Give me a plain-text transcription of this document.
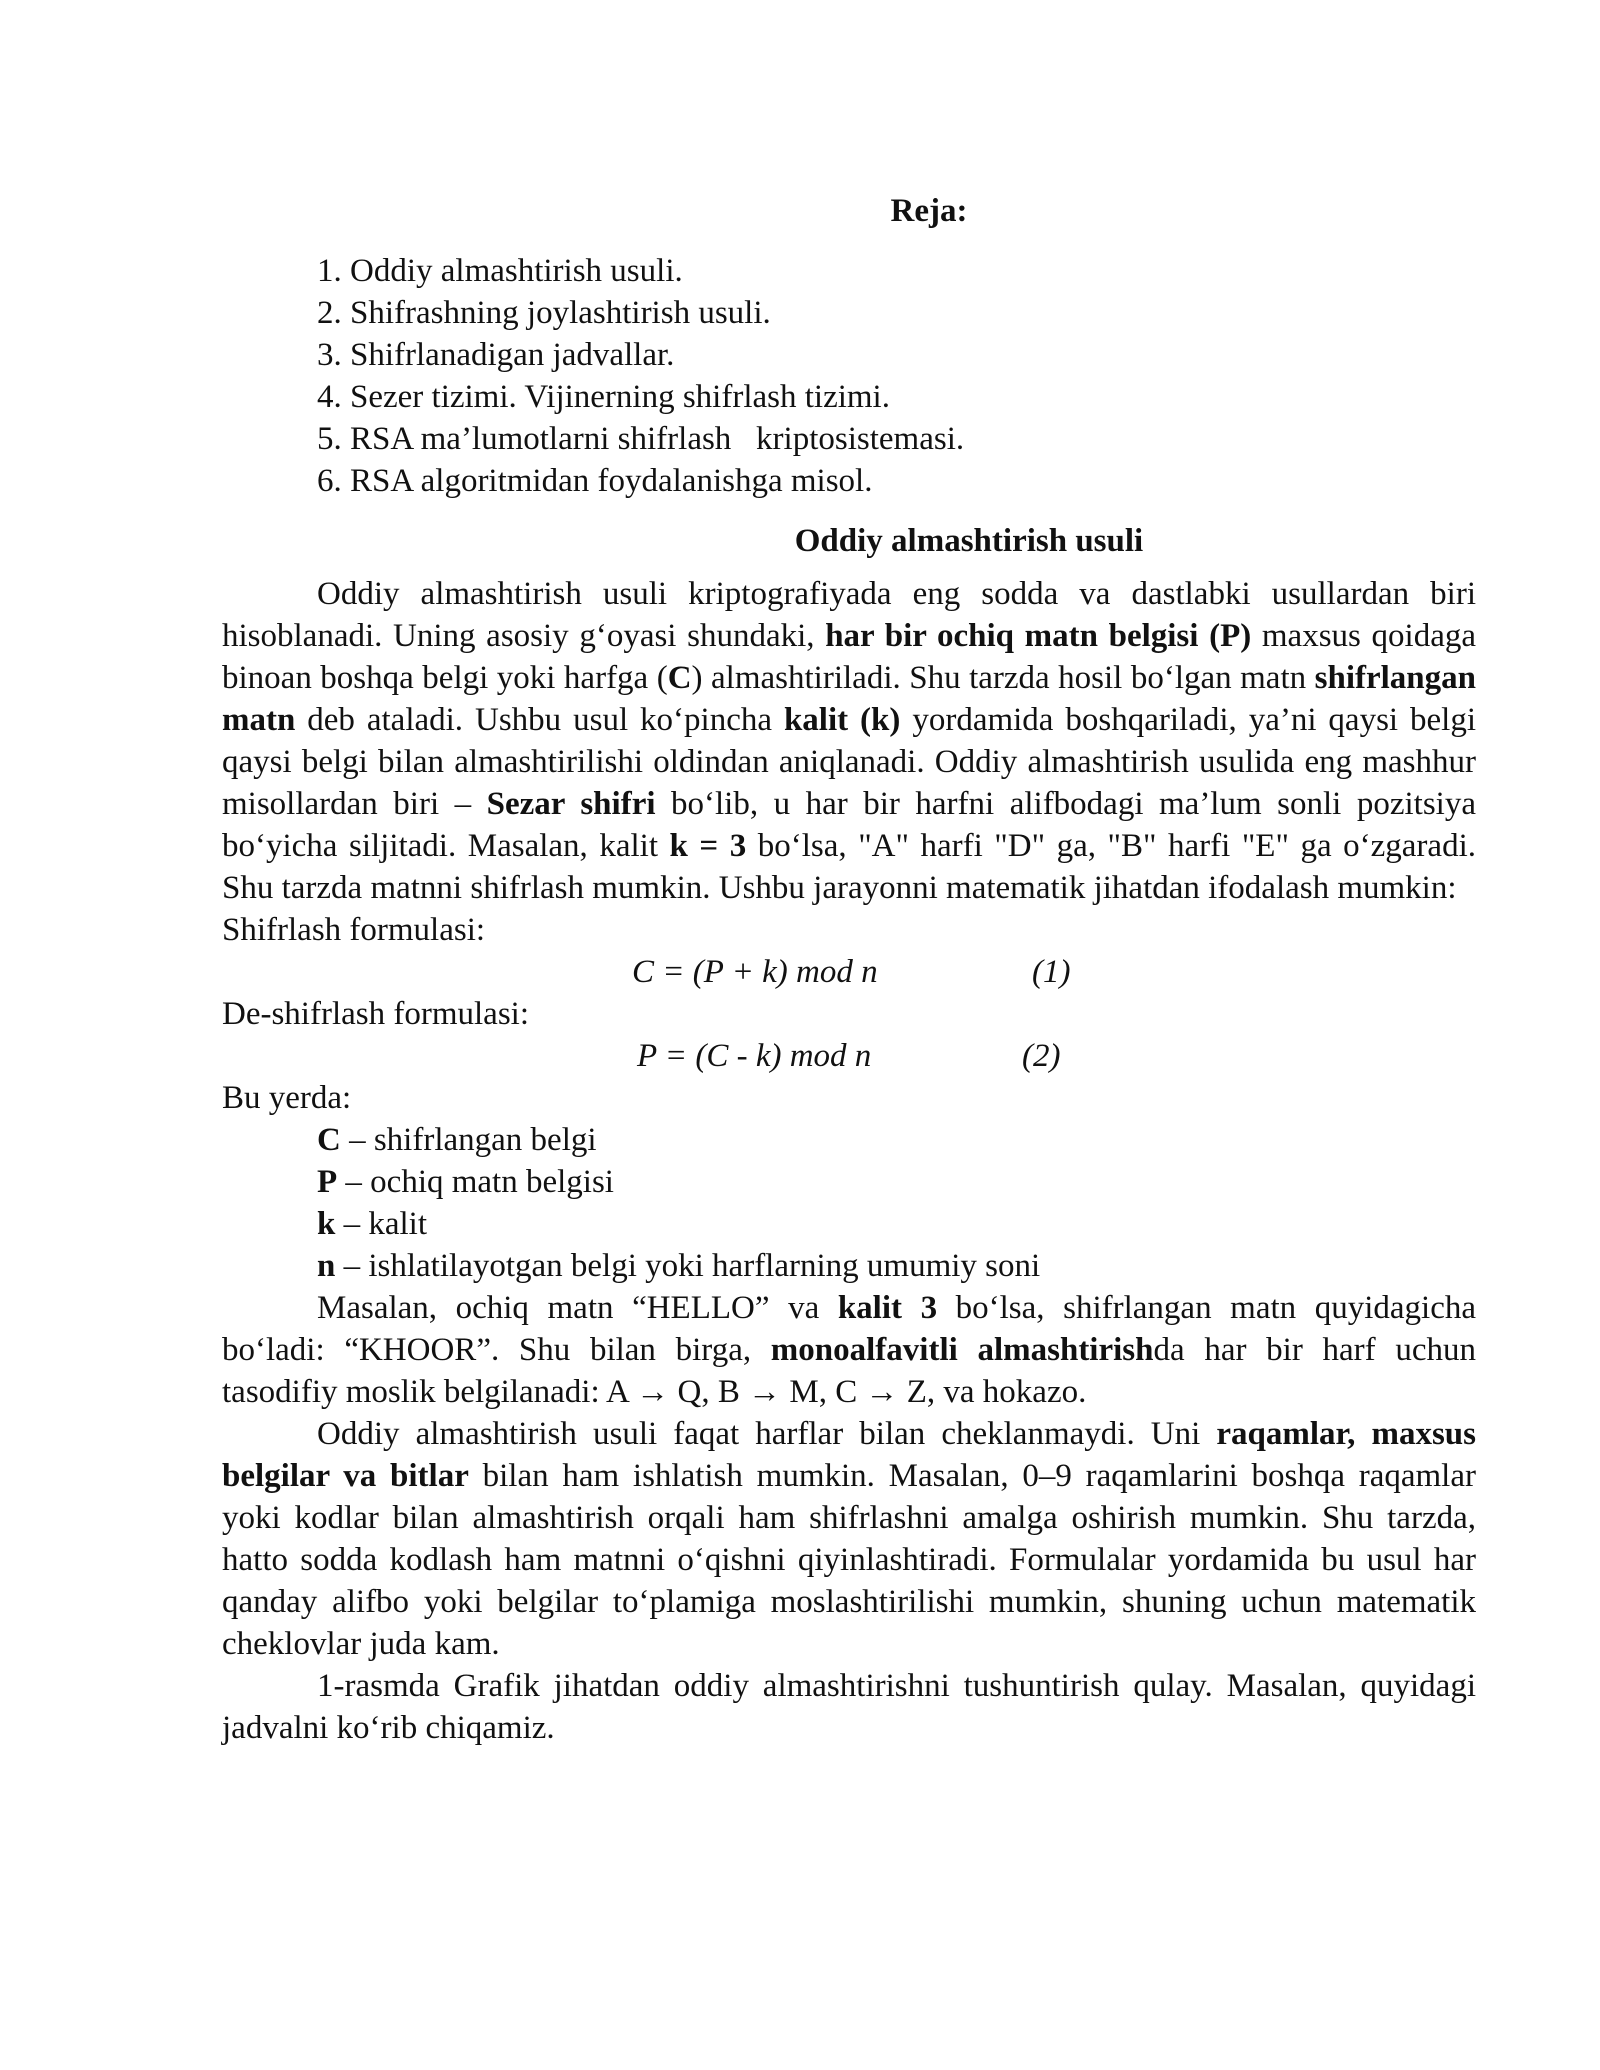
Reja:
1. Oddiy almashtirish usuli.
2. Shifrashning joylashtirish usuli.
3. Shifrlanadigan jadvallar.
4. Sezer tizimi. Vijinerning shifrlash tizimi.
5. RSA ma’lumotlarni shifrlash   kriptosistemasi.
6. RSA algoritmidan foydalanishga misol.
Oddiy almashtirish usuli

Oddiy almashtirish usuli kriptografiyada eng sodda va dastlabki usullardan biri hisoblanadi. Uning asosiy g‘oyasi shundaki, har bir ochiq matn belgisi (P) maxsus qoidaga binoan boshqa belgi yoki harfga (C) almashtiriladi. Shu tarzda hosil bo‘lgan matn shifrlangan matn deb ataladi. Ushbu usul ko‘pincha kalit (k) yordamida boshqariladi, ya’ni qaysi belgi qaysi belgi bilan almashtirilishi oldindan aniqlanadi. Oddiy almashtirish usulida eng mashhur misollardan biri – Sezar shifri bo‘lib, u har bir harfni alifbodagi ma’lum sonli pozitsiya bo‘yicha siljitadi. Masalan, kalit k = 3 bo‘lsa, "A" harfi "D" ga, "B" harfi "E" ga o‘zgaradi. Shu tarzda matnni shifrlash mumkin. Ushbu jarayonni matematik jihatdan ifodalash mumkin:

Shifrlash formulasi:

C = (P + k) mod n	(1)

De-shifrlash formulasi:

P = (C - k) mod n	(2)

Bu yerda:

C – shifrlangan belgi
P – ochiq matn belgisi
k – kalit
n – ishlatilayotgan belgi yoki harflarning umumiy soni

Masalan, ochiq matn “HELLO” va kalit 3 bo‘lsa, shifrlangan matn quyidagicha bo‘ladi: “KHOOR”. Shu bilan birga, monoalfavitli almashtirishda har bir harf uchun tasodifiy moslik belgilanadi: A → Q, B → M, C → Z, va hokazo.

Oddiy almashtirish usuli faqat harflar bilan cheklanmaydi. Uni raqamlar, maxsus belgilar va bitlar bilan ham ishlatish mumkin. Masalan, 0–9 raqamlarini boshqa raqamlar yoki kodlar bilan almashtirish orqali ham shifrlashni amalga oshirish mumkin. Shu tarzda, hatto sodda kodlash ham matnni o‘qishni qiyinlashtiradi. Formulalar yordamida bu usul har qanday alifbo yoki belgilar to‘plamiga moslashtirilishi mumkin, shuning uchun matematik cheklovlar juda kam.

1-rasmda Grafik jihatdan oddiy almashtirishni tushuntirish qulay. Masalan, quyidagi jadvalni ko‘rib chiqamiz.
